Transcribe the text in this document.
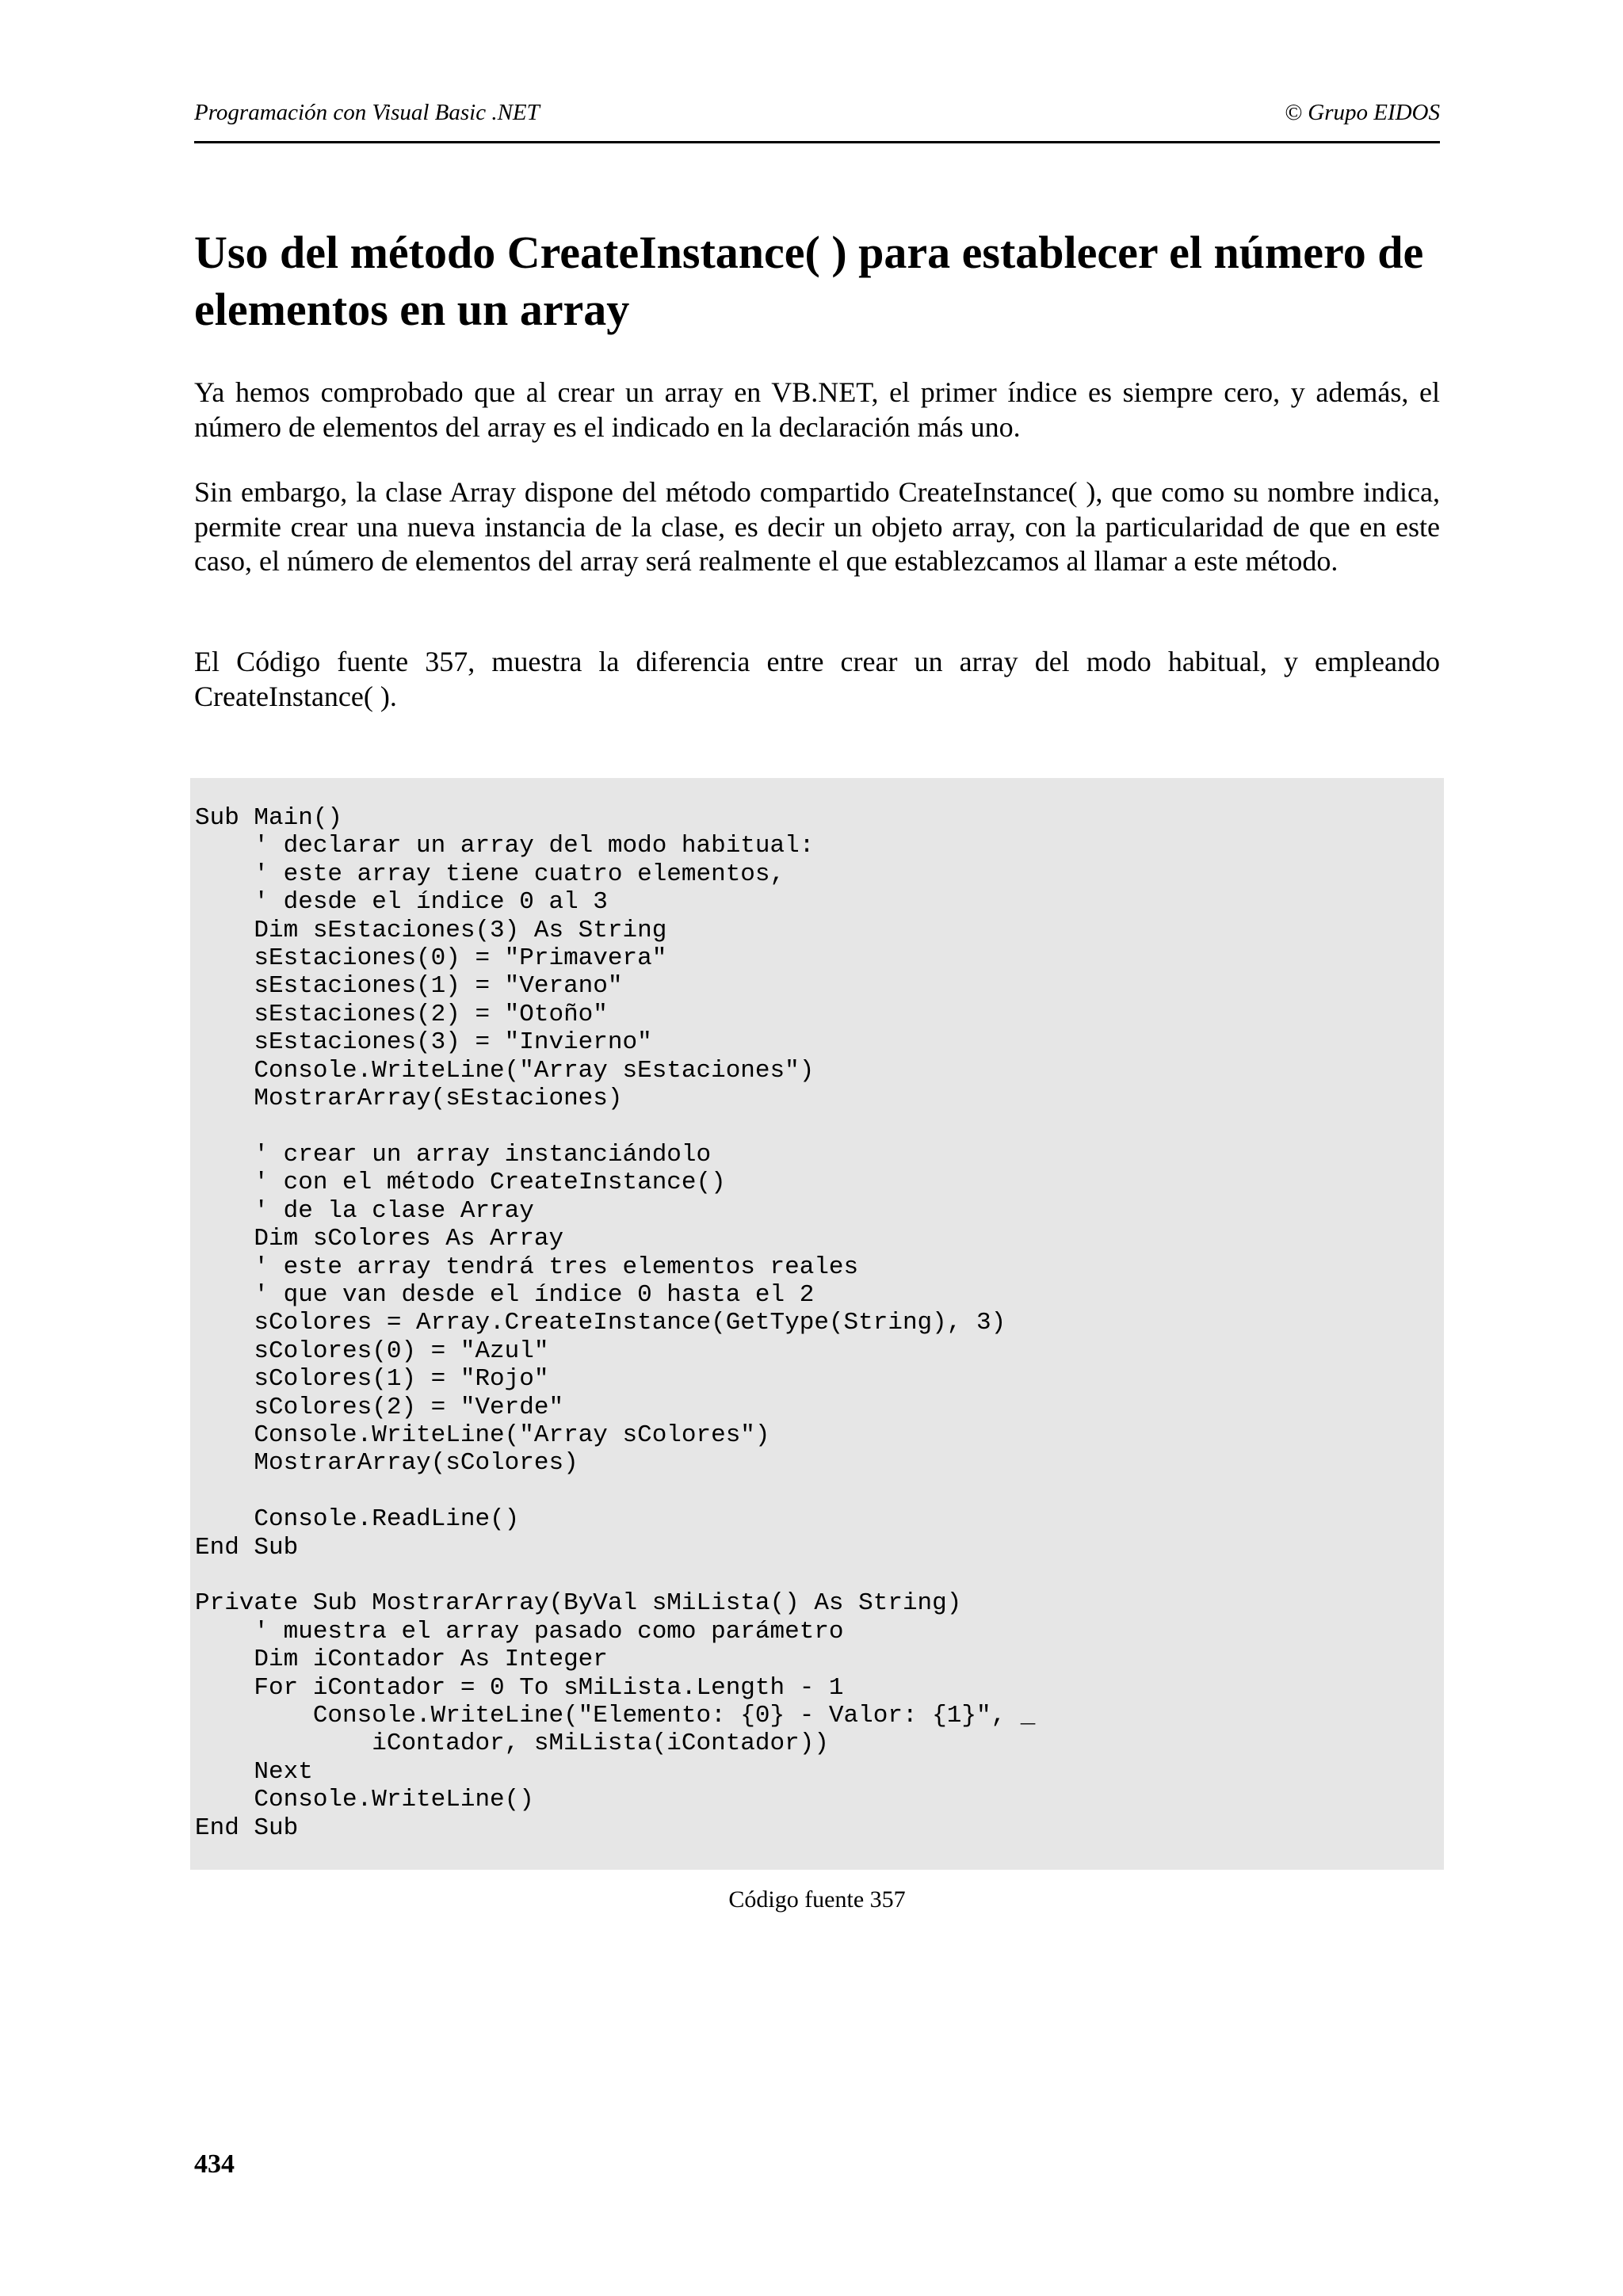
Programación con Visual Basic .NET	© Grupo EIDOS
Uso del método CreateInstance( ) para establecer el número de elementos en un array

Ya hemos comprobado que al crear un array en VB.NET, el primer índice es siempre cero, y además, el número de elementos del array es el indicado en la declaración más uno.

Sin embargo, la clase Array dispone del método compartido CreateInstance( ), que como su nombre indica, permite crear una nueva instancia de la clase, es decir un objeto array, con la particularidad de que en este caso, el número de elementos del array será realmente el que establezcamos al llamar a este método.

El Código fuente 357, muestra la diferencia entre crear un array del modo habitual, y empleando CreateInstance( ).

Sub Main()
' declarar un array del modo habitual:
' este array tiene cuatro elementos,
' desde el índice 0 al 3
Dim sEstaciones(3) As String
sEstaciones(0) = "Primavera"
sEstaciones(1) = "Verano"
sEstaciones(2) = "Otoño"
sEstaciones(3) = "Invierno"
Console.WriteLine("Array sEstaciones")
MostrarArray(sEstaciones)

' crear un array instanciándolo
' con el método CreateInstance()
' de la clase Array
Dim sColores As Array
' este array tendrá tres elementos reales
' que van desde el índice 0 hasta el 2
sColores = Array.CreateInstance(GetType(String), 3)
sColores(0) = "Azul"
sColores(1) = "Rojo"
sColores(2) = "Verde"
Console.WriteLine("Array sColores")
MostrarArray(sColores)

Console.ReadLine()
End Sub

Private Sub MostrarArray(ByVal sMiLista() As String)
' muestra el array pasado como parámetro
Dim iContador As Integer
For iContador = 0 To sMiLista.Length - 1
Console.WriteLine("Elemento: {0} - Valor: {1}", _
iContador, sMiLista(iContador))
Next
Console.WriteLine()
End Sub
Código fuente 357
434
